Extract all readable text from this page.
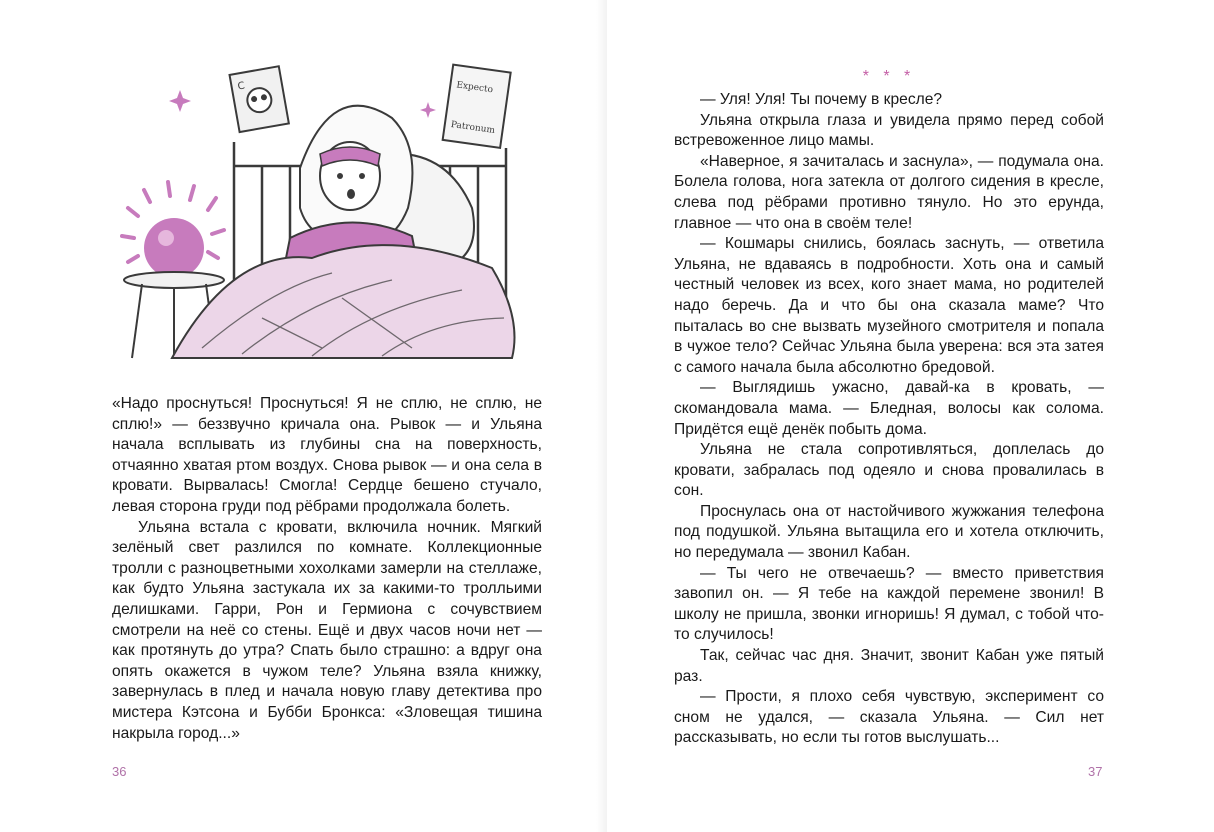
C	Expecto
Patronum

«Надо проснуться! Проснуться! Я не сплю, не сплю, не сплю!» — беззвучно кричала она. Рывок — и Ульяна начала всплывать из глубины сна на поверхность, отчаянно хватая ртом воздух. Снова рывок — и она села в кровати. Вырвалась! Смогла! Сердце бешено стучало, левая сторона груди под рёбрами продолжала болеть.

Ульяна встала с кровати, включила ночник. Мягкий зелёный свет разлился по комнате. Коллекционные тролли с разноцветными хохолками замерли на стеллаже, как будто Ульяна застукала их за какими-то тролльими делишками. Гарри, Рон и Гермиона с сочувствием смотрели на неё со стены. Ещё и двух часов ночи нет — как протянуть до утра? Спать было страшно: а вдруг она опять окажется в чужом теле? Ульяна взяла книжку, завернулась в плед и начала новую главу детектива про мистера Кэтсона и Бубби Бронкса: «Зловещая тишина накрыла город...»

36
* * *

— Уля! Уля! Ты почему в кресле?

Ульяна открыла глаза и увидела прямо перед собой встревоженное лицо мамы.

«Наверное, я зачиталась и заснула», — подумала она. Болела голова, нога затекла от долгого сидения в кресле, слева под рёбрами противно тянуло. Но это ерунда, главное — что она в своём теле!

— Кошмары снились, боялась заснуть, — ответила Ульяна, не вдаваясь в подробности. Хоть она и самый честный человек из всех, кого знает мама, но родителей надо беречь. Да и что бы она сказала маме? Что пыталась во сне вызвать музейного смотрителя и попала в чужое тело? Сейчас Ульяна была уверена: вся эта затея с самого начала была абсолютно бредовой.

— Выглядишь ужасно, давай-ка в кровать, — скомандовала мама. — Бледная, волосы как солома. Придётся ещё денёк побыть дома.

Ульяна не стала сопротивляться, доплелась до кровати, забралась под одеяло и снова провалилась в сон.

Проснулась она от настойчивого жужжания телефона под подушкой. Ульяна вытащила его и хотела отключить, но передумала — звонил Кабан.

— Ты чего не отвечаешь? — вместо приветствия завопил он. — Я тебе на каждой перемене звонил! В школу не пришла, звонки игноришь! Я думал, с тобой что-то случилось!

Так, сейчас час дня. Значит, звонит Кабан уже пятый раз.

— Прости, я плохо себя чувствую, эксперимент со сном не удался, — сказала Ульяна. — Сил нет рассказывать, но если ты готов выслушать...

37
